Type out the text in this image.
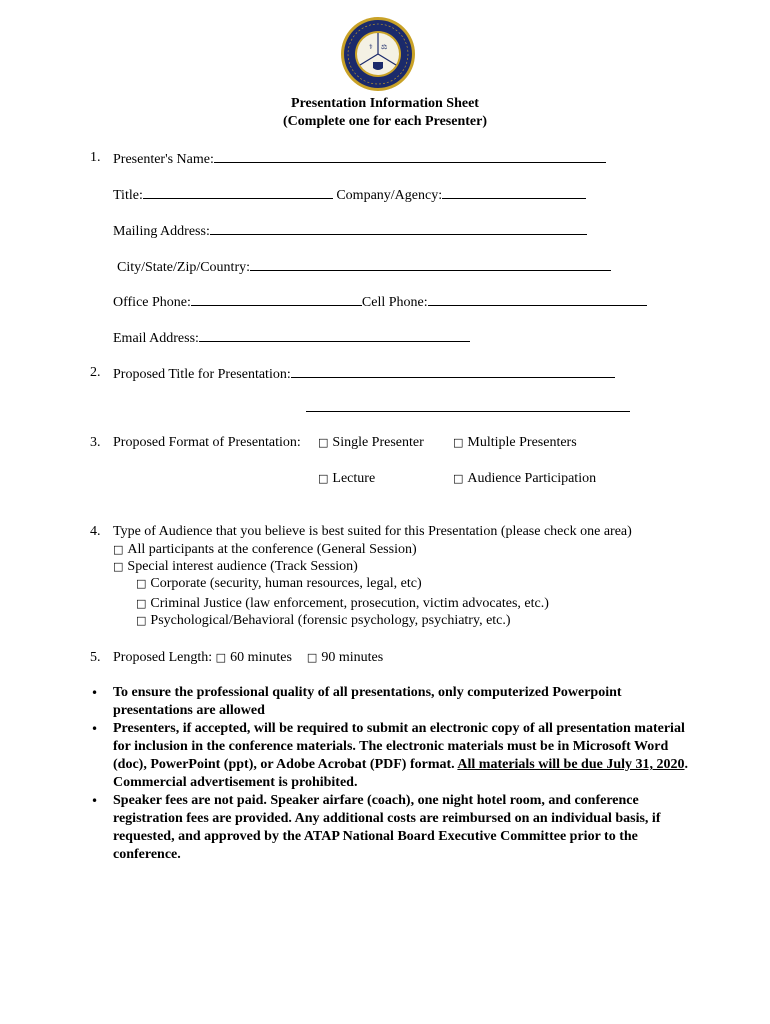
⚕ ⚖
Presentation Information Sheet
(Complete one for each Presenter)
1. Presenter's Name:
Title:	Company/Agency:
Mailing Address:
City/State/Zip/Country:
Office Phone:	Cell Phone:
Email Address:
2. Proposed Title for Presentation:
3. Proposed Format of Presentation: □ Single Presenter	□ Multiple Presenters
□ Lecture	□ Audience Participation
4. Type of Audience that you believe is best suited for this Presentation (please check one area)
□ All participants at the conference (General Session)
□ Special interest audience (Track Session)
□ Corporate (security, human resources, legal, etc)
□ Criminal Justice (law enforcement, prosecution, victim advocates, etc.)
□ Psychological/Behavioral (forensic psychology, psychiatry, etc.)
5. Proposed Length: □ 60 minutes □ 90 minutes

• To ensure the professional quality of all presentations, only computerized Powerpoint presentations are allowed

• Presenters, if accepted, will be required to submit an electronic copy of all presentation material for inclusion in the conference materials. The electronic materials must be in Microsoft Word (doc), PowerPoint (ppt), or Adobe Acrobat (PDF) format. All materials will be due July 31, 2020. Commercial advertisement is prohibited.

• Speaker fees are not paid. Speaker airfare (coach), one night hotel room, and conference registration fees are provided. Any additional costs are reimbursed on an individual basis, if requested, and approved by the ATAP National Board Executive Committee prior to the conference.
